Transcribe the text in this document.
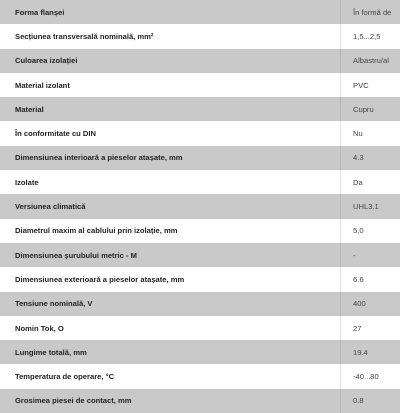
Forma flanșei	În formă de
Secțiunea transversală nominală, mm²	1,5...2,5
Culoarea izolației	Albastru/al
Material izolant	PVC
Material	Cupru
În conformitate cu DIN	Nu
Dimensiunea interioară a pieselor atașate, mm	4.3
Izolate	Da
Versiunea climatică	UHL3.1
Diametrul maxim al cablului prin izolație, mm	5.0
Dimensiunea șurubului metric - M	-
Dimensiunea exterioară a pieselor atașate, mm	6.6
Tensiune nominală, V	400
Nomin Tok, O	27
Lungime totală, mm	19.4
Temperatura de operare, °C	-40...80
Grosimea piesei de contact, mm	0.8
